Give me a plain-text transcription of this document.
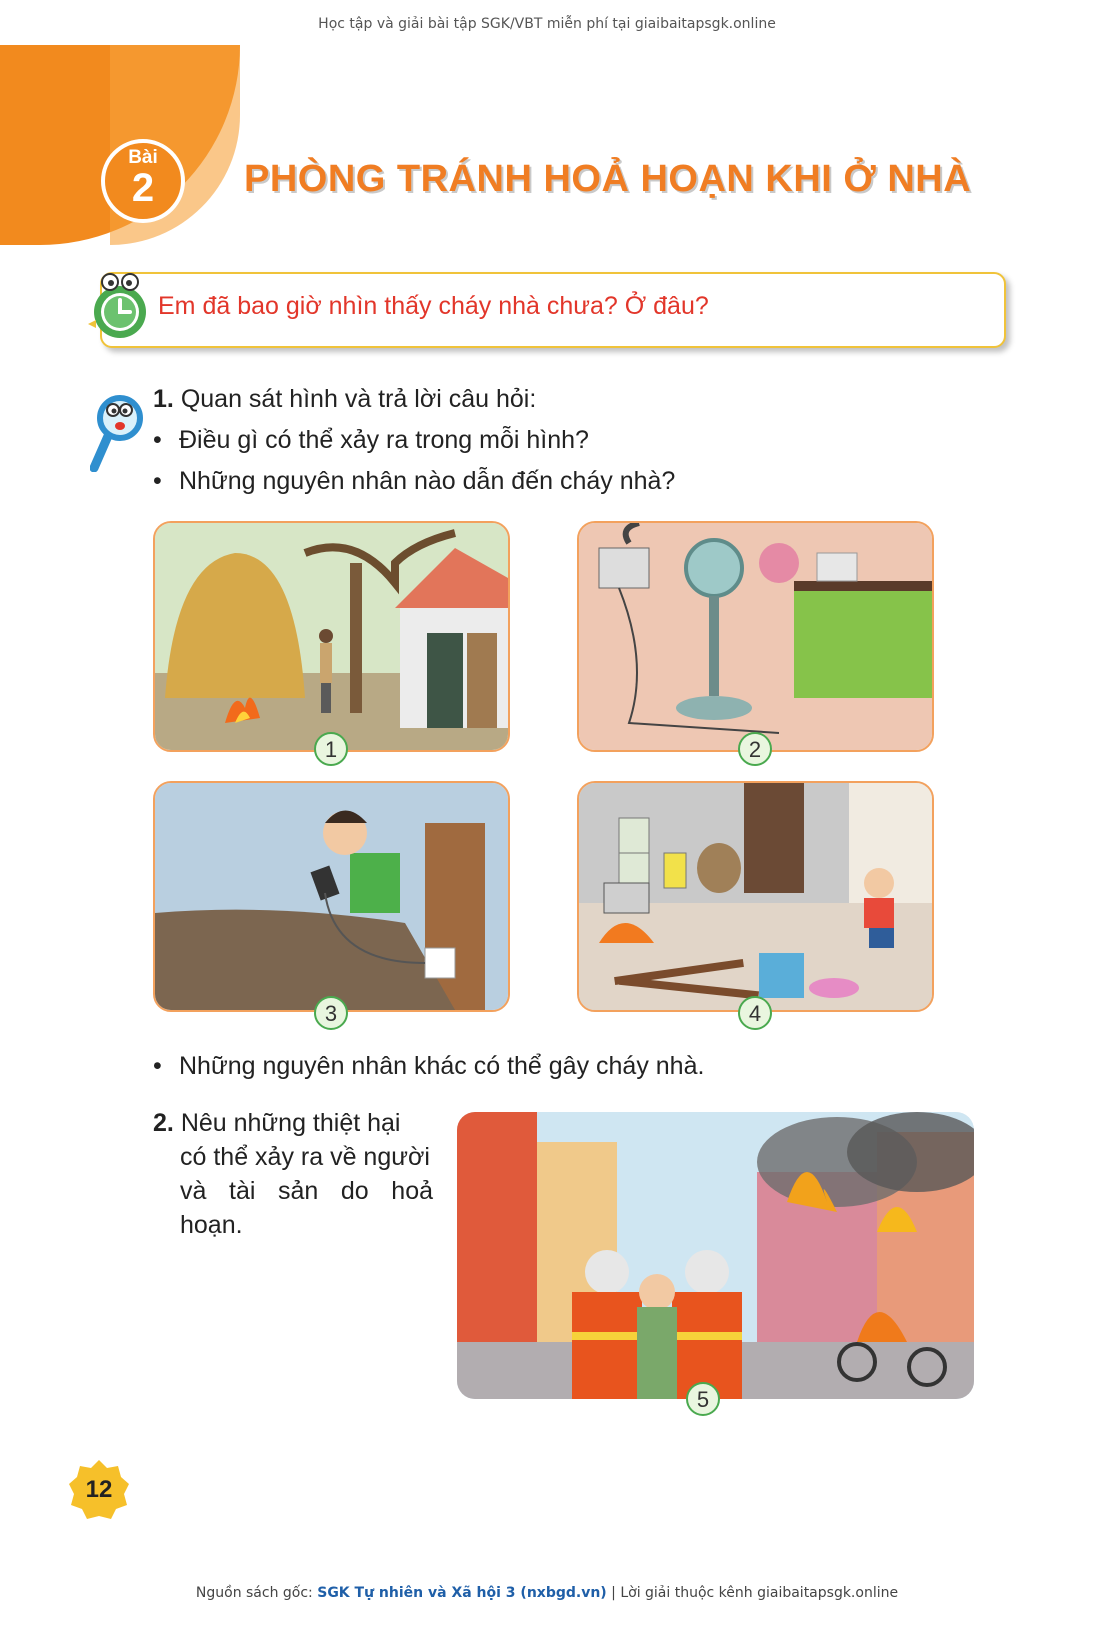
Học tập và giải bài tập SGK/VBT miễn phí tại giaibaitapsgk.online
Bài
2	PHÒNG TRÁNH HOẢ HOẠN KHI Ở NHÀ
Em đã bao giờ nhìn thấy cháy nhà chưa? Ở đâu?
1. Quan sát hình và trả lời câu hỏi:
• Điều gì có thể xảy ra trong mỗi hình?
• Những nguyên nhân nào dẫn đến cháy nhà?
1	2
3	4
• Những nguyên nhân khác có thể gây cháy nhà.
2. Nêu những thiệt hại
có thể xảy ra về người
và tài sản do hoả hoạn.
5
12
Nguồn sách gốc: SGK Tự nhiên và Xã hội 3 (nxbgd.vn) | Lời giải thuộc kênh giaibaitapsgk.online
